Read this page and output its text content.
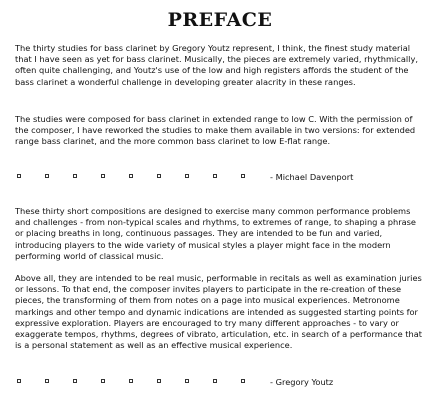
PREFACE

The thirty studies for bass clarinet by Gregory Youtz represent, I think, the finest study material that I have seen as yet for bass clarinet. Musically, the pieces are extremely varied, rhythmically, often quite challenging, and Youtz's use of the low and high registers affords the student of the bass clarinet a wonderful challenge in developing greater alacrity in these ranges.

The studies were composed for bass clarinet in extended range to low C. With the permission of the composer, I have reworked the studies to make them available in two versions: for extended range bass clarinet, and the more common bass clarinet to low E-flat range.

- Michael Davenport

These thirty short compositions are designed to exercise many common performance problems and challenges - from non-typical scales and rhythms, to extremes of range, to shaping a phrase or placing breaths in long, continuous passages. They are intended to be fun and varied, introducing players to the wide variety of musical styles a player might face in the modern performing world of classical music.

Above all, they are intended to be real music, performable in recitals as well as examination juries or lessons. To that end, the composer invites players to participate in the re-creation of these pieces, the transforming of them from notes on a page into musical experiences. Metronome markings and other tempo and dynamic indications are intended as suggested starting points for expressive exploration. Players are encouraged to try many different approaches - to vary or exaggerate tempos, rhythms, degrees of vibrato, articulation, etc. in search of a performance that is a personal statement as well as an effective musical experience.

- Gregory Youtz
